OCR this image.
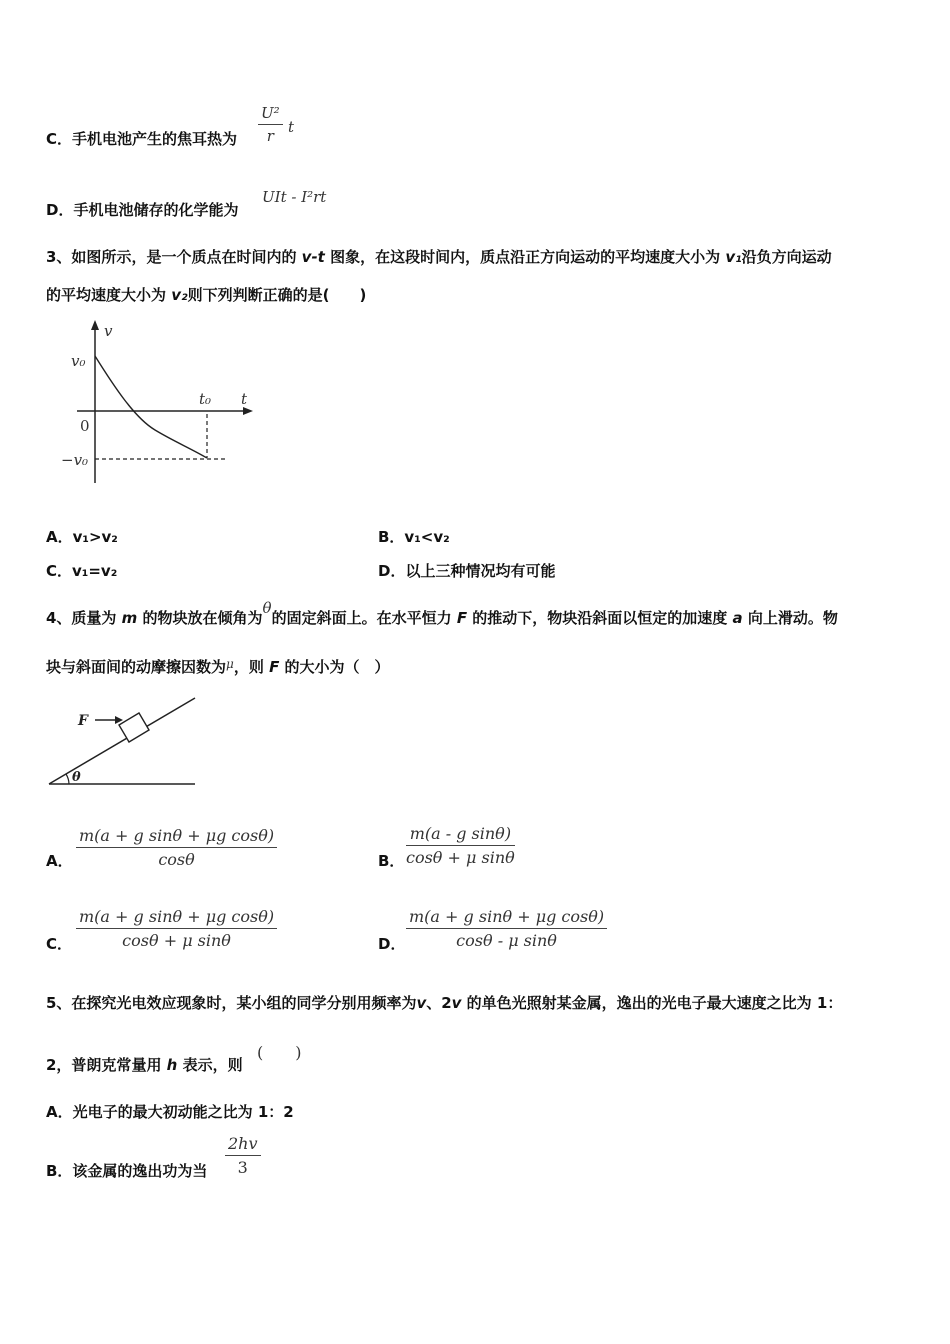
C．手机电池产生的焦耳热为 $\frac{\text{U²}}{r}$ t
D．手机电池储存的化学能为
UIt - I²rt
3、如图所示，是一个质点在时间内的 v-t 图象，在这段时间内，质点沿正方向运动的平均速度大小为 v₁沿负方向运动
的平均速度大小为 v₂则下列判断正确的是(　　)
v
t
v₀
0
t₀
−v₀
A．v₁>v₂	B．v₁<v₂
C．v₁=v₂	D．以上三种情况均有可能
4、质量为 m 的物块放在倾角为θ的固定斜面上。在水平恒力 F 的推动下，物块沿斜面以恒定的加速度 a 向上滑动。物
块与斜面间的动摩擦因数为$^\mu$，则 F 的大小为（　）
F
θ
A． $\frac{\text{m(a + g sinθ + μg cosθ)}}{\cos\theta}$	B． $\frac{\text{m(a - g sinθ)}}{\text{cosθ + μ sinθ}}$
C． $\frac{\text{m(a + g sinθ + μg cosθ)}}{\text{cosθ + μ sinθ}}$	D． $\frac{\text{m(a + g sinθ + μg cosθ)}}{\text{cosθ - μ sinθ}}$
5、在探究光电效应现象时，某小组的同学分别用频率为v、2v 的单色光照射某金属，逸出的光电子最大速度之比为 1：
2，普朗克常量用 h 表示，则
(　　)
A．光电子的最大初动能之比为 1：2
B．该金属的逸出功为当 $\frac{2hv}{3}$
